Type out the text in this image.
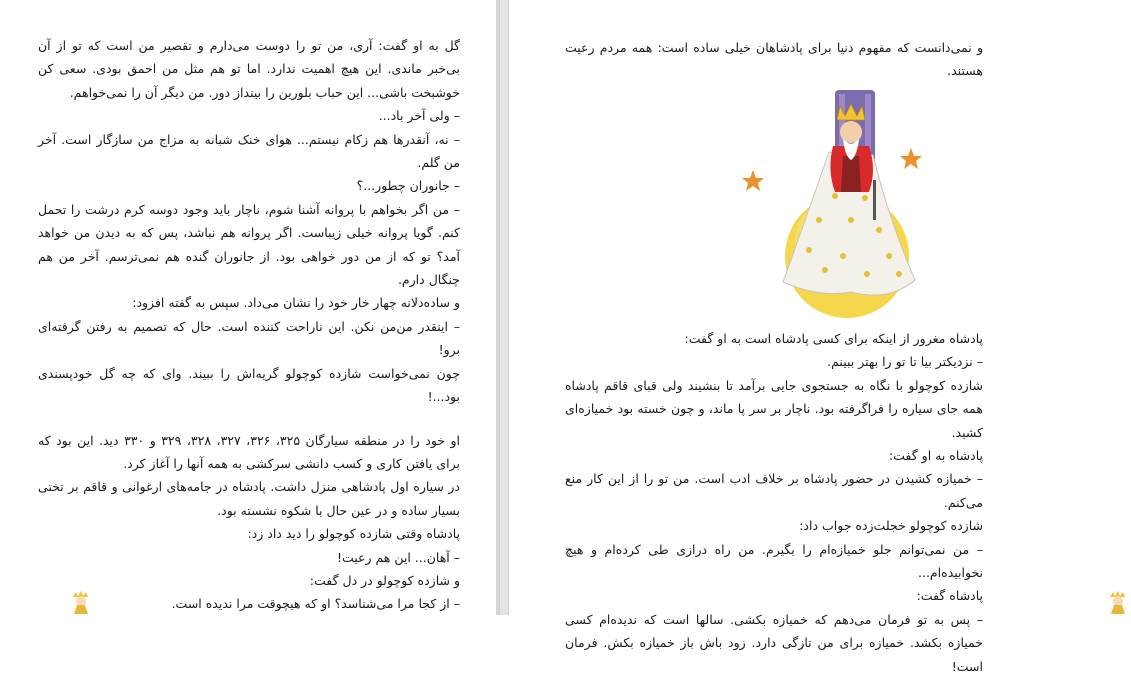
گل به او گفت: آری، من تو را دوست می‌دارم و تقصیر من است که تو از آن بی‌خبر ماندی. این هیچ اهمیت ندارد. اما تو هم مثل من احمق بودی. سعی کن خوشبخت باشی... این حباب بلورین را بینداز دور. من دیگر آن را نمی‌خواهم.

– ولی آخر باد...

– نه، آنقدرها هم زکام نیستم... هوای خنک شبانه به مزاج من سازگار است. آخر من گلم.

– جانوران چطور...؟

– من اگر بخواهم با پروانه آشنا شوم، ناچار باید وجود دوسه کرم درشت را تحمل کنم. گویا پروانه خیلی زیباست. اگر پروانه هم نباشد، پس که به دیدن من خواهد آمد؟ تو که از من دور خواهی بود. از جانوران گنده هم نمی‌ترسم. آخر من هم چنگال دارم.

و ساده‌دلانه چهار خار خود را نشان می‌داد. سپس به گفته افزود:

– اینقدر من‌من نکن. این ناراحت کننده است. حال که تصمیم به رفتن گرفته‌ای برو!

چون نمی‌خواست شازده کوچولو گریه‌اش را ببیند. وای که چه گل خودپسندی بود...!

او خود را در منطقه سیارگان ۳۲۵، ۳۲۶، ۳۲۷، ۳۲۸، ۳۲۹ و ۳۳۰ دید. این بود که برای یافتن کاری و کسب دانشی سرکشی به همه آنها را آغاز کرد.

در سیاره اول پادشاهی منزل داشت. پادشاه در جامه‌های ارغوانی و قاقم بر تختی بسیار ساده و در عین حال با شکوه نشسته بود.

پادشاه وقتی شازده کوچولو را دید داد زد:

– آهان... این هم رعیت!

و شازده کوچولو در دل گفت:

– از کجا مرا می‌شناسد؟ او که هیچوقت مرا ندیده است.

و نمی‌دانست که مفهوم دنیا برای پادشاهان خیلی ساده است: همه مردم رعیت هستند.

پادشاه مغرور از اینکه برای کسی پادشاه است به او گفت:

– نزدیکتر بیا تا تو را بهتر ببینم.

شازده کوچولو با نگاه به جستجوی جایی برآمد تا بنشیند ولی قبای قاقم پادشاه همه جای سیاره را فراگرفته بود. ناچار بر سر پا ماند، و چون خسته بود خمیازه‌ای کشید.

پادشاه به او گفت:

– خمیازه کشیدن در حضور پادشاه بر خلاف ادب است. من تو را از این کار منع می‌کنم.

شازده کوچولو خجلت‌زده جواب داد:

– من نمی‌توانم جلو خمیازه‌ام را بگیرم. من راه درازی طی کرده‌ام و هیچ نخوابیده‌ام...

پادشاه گفت:

– پس به تو فرمان می‌دهم که خمیازه بکشی. سالها است که ندیده‌ام کسی خمیازه بکشد. خمیازه برای من تازگی دارد. زود باش باز خمیازه بکش. فرمان است!
